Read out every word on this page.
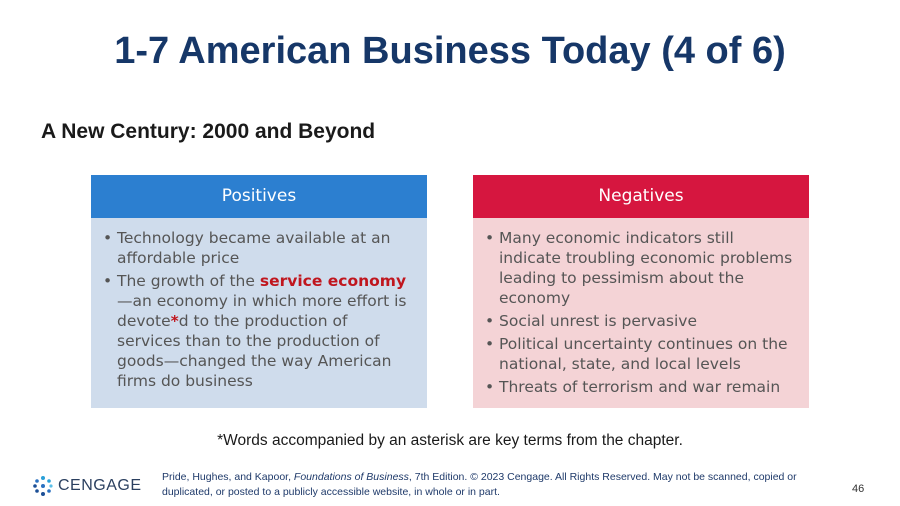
1-7 American Business Today (4 of 6)
A New Century: 2000 and Beyond
Positives
• Technology became available at an affordable price
• The growth of the service economy—an economy in which more effort is devote*d to the production of services than to the production of goods—changed the way American firms do business
Negatives
• Many economic indicators still indicate troubling economic problems leading to pessimism about the economy
• Social unrest is pervasive
• Political uncertainty continues on the national, state, and local levels
• Threats of terrorism and war remain
*Words accompanied by an asterisk are key terms from the chapter.
CENGAGE Pride, Hughes, and Kapoor, Foundations of Business, 7th Edition. © 2023 Cengage. All Rights Reserved. May not be scanned, copied or duplicated, or posted to a publicly accessible website, in whole or in part.	46
